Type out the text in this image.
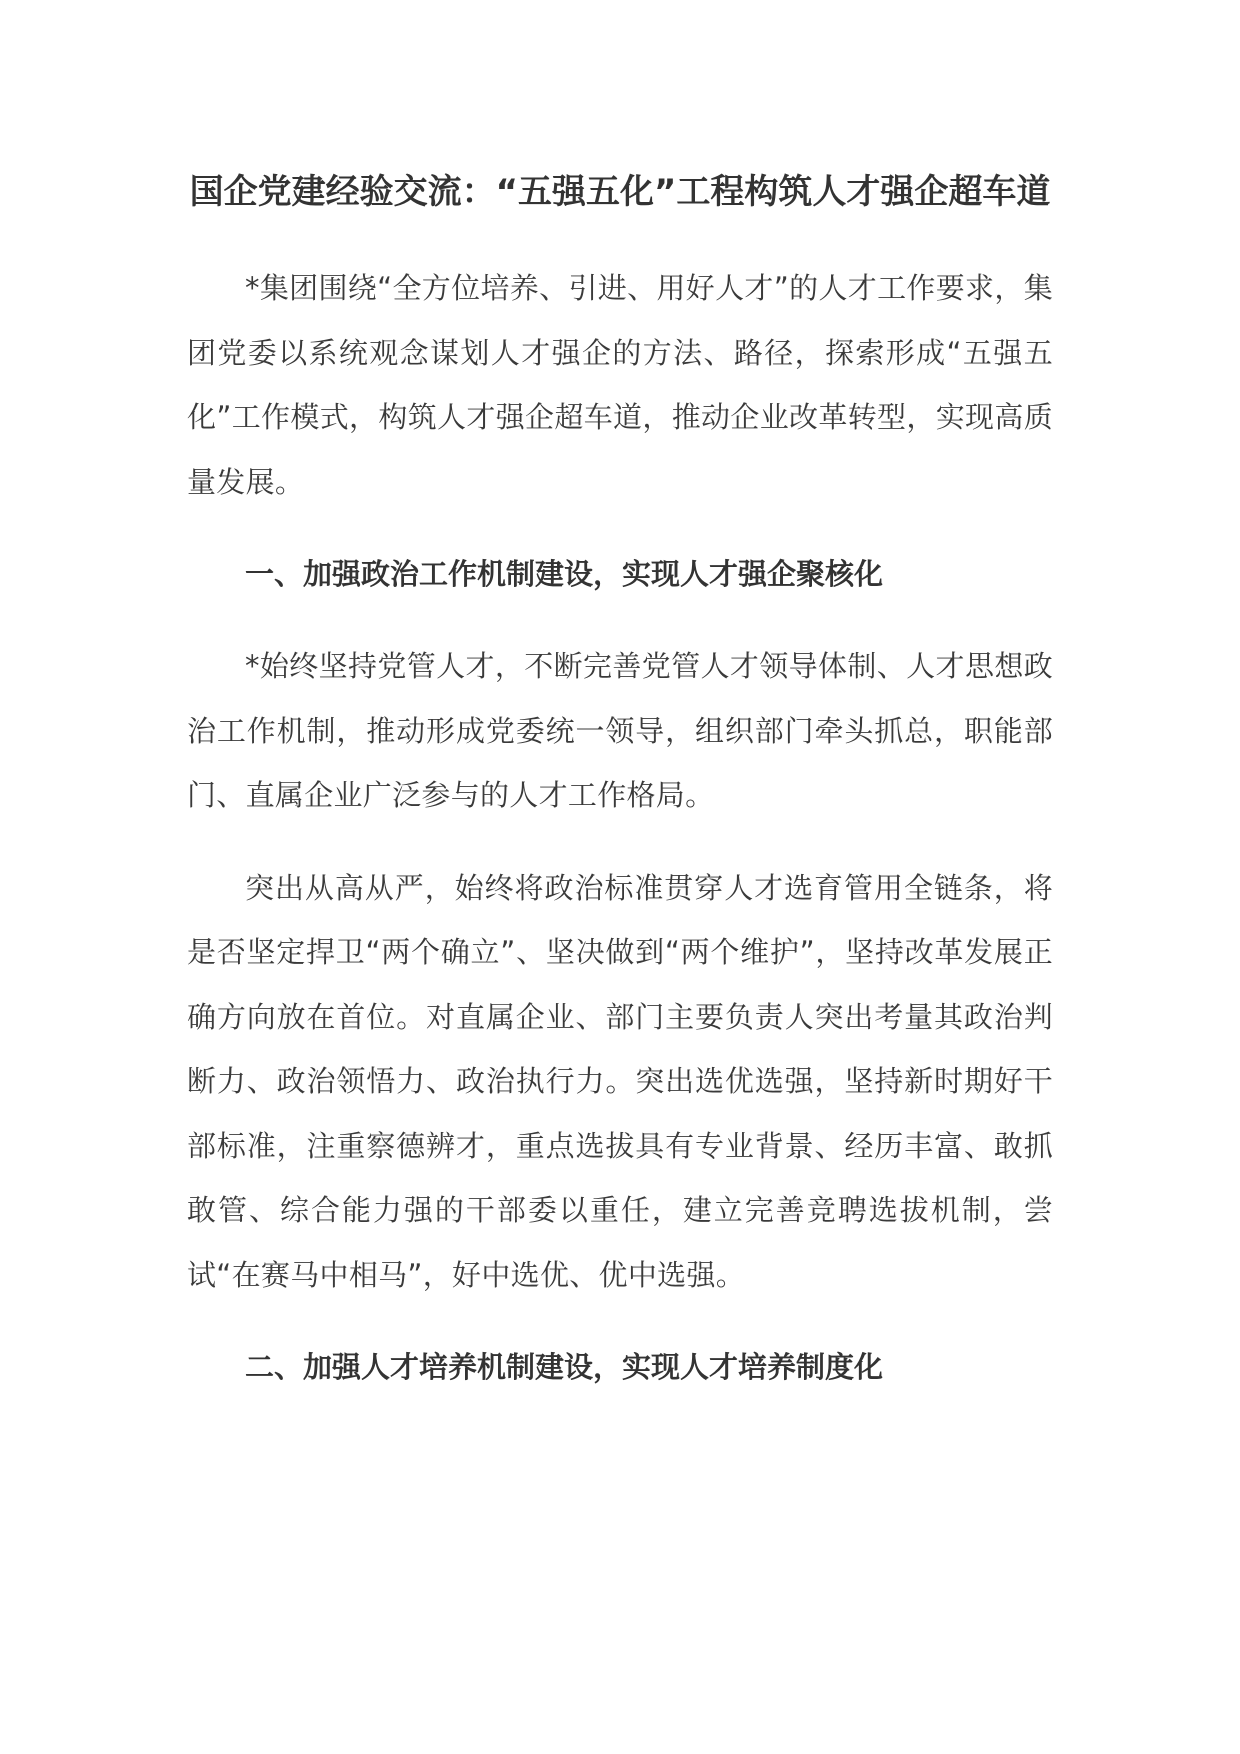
国企党建经验交流：“五强五化”工程构筑人才强企超车道

*集团围绕“全方位培养、引进、用好人才”的人才工作要求，集团党委以系统观念谋划人才强企的方法、路径，探索形成“五强五化”工作模式，构筑人才强企超车道，推动企业改革转型，实现高质量发展。

一、加强政治工作机制建设，实现人才强企聚核化

*始终坚持党管人才，不断完善党管人才领导体制、人才思想政治工作机制，推动形成党委统一领导，组织部门牵头抓总，职能部门、直属企业广泛参与的人才工作格局。

突出从高从严，始终将政治标准贯穿人才选育管用全链条，将是否坚定捍卫“两个确立”、坚决做到“两个维护”，坚持改革发展正确方向放在首位。对直属企业、部门主要负责人突出考量其政治判断力、政治领悟力、政治执行力。突出选优选强，坚持新时期好干部标准，注重察德辨才，重点选拔具有专业背景、经历丰富、敢抓敢管、综合能力强的干部委以重任，建立完善竞聘选拔机制，尝试“在赛马中相马”，好中选优、优中选强。

二、加强人才培养机制建设，实现人才培养制度化
